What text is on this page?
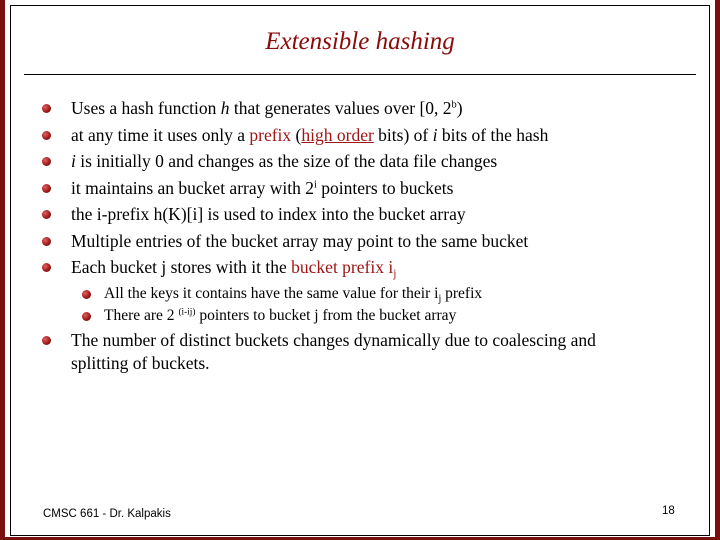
Extensible hashing
Uses a hash function h that generates values over [0, 2$^b$)
at any time it uses only a prefix (high order bits) of i bits of the hash
i is initially 0 and changes as the size of the data file changes
it maintains an bucket array with 2$^i$ pointers to buckets
the i-prefix h(K)[i] is used to index into the bucket array
Multiple entries of the bucket array may point to the same bucket
Each bucket j stores with it the bucket prefix $i_j$
All the keys it contains have the same value for their $i_j$ prefix
There are 2 $^{(i-ij)}$ pointers to bucket j from the bucket array
The number of distinct buckets changes dynamically due to coalescing and
splitting of buckets.
CMSC 661 - Dr. Kalpakis	18
